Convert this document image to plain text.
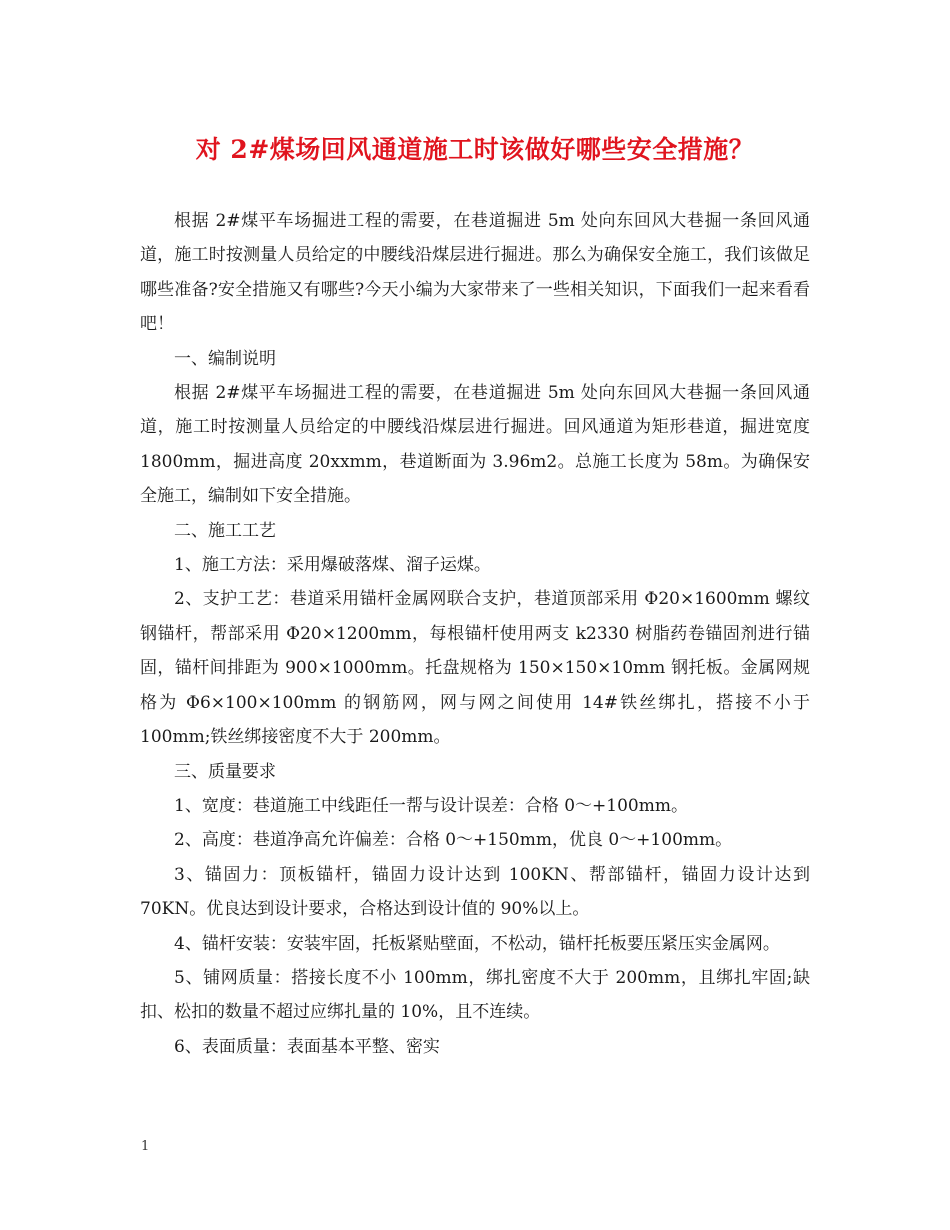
对 2#煤场回风通道施工时该做好哪些安全措施？

根据 2#煤平车场掘进工程的需要，在巷道掘进 5m 处向东回风大巷掘一条回风通道，施工时按测量人员给定的中腰线沿煤层进行掘进。那么为确保安全施工，我们该做足哪些准备?安全措施又有哪些?今天小编为大家带来了一些相关知识，下面我们一起来看看吧！

一、编制说明

根据 2#煤平车场掘进工程的需要，在巷道掘进 5m 处向东回风大巷掘一条回风通道，施工时按测量人员给定的中腰线沿煤层进行掘进。回风通道为矩形巷道，掘进宽度 1800mm，掘进高度 20xxmm，巷道断面为 3.96m2。总施工长度为 58m。为确保安全施工，编制如下安全措施。

二、施工工艺

1、施工方法：采用爆破落煤、溜子运煤。

2、支护工艺：巷道采用锚杆金属网联合支护，巷道顶部采用 Φ20×1600mm 螺纹钢锚杆，帮部采用 Φ20×1200mm，每根锚杆使用两支 k2330 树脂药卷锚固剂进行锚固，锚杆间排距为 900×1000mm。托盘规格为 150×150×10mm 钢托板。金属网规格为 Φ6×100×100mm 的钢筋网，网与网之间使用 14#铁丝绑扎，搭接不小于 100mm;铁丝绑接密度不大于 200mm。

三、质量要求

1、宽度：巷道施工中线距任一帮与设计误差：合格 0～+100mm。

2、高度：巷道净高允许偏差：合格 0～+150mm，优良 0～+100mm。

3、锚固力：顶板锚杆，锚固力设计达到 100KN、帮部锚杆，锚固力设计达到 70KN。优良达到设计要求，合格达到设计值的 90%以上。

4、锚杆安装：安装牢固，托板紧贴壁面，不松动，锚杆托板要压紧压实金属网。

5、铺网质量：搭接长度不小 100mm，绑扎密度不大于 200mm，且绑扎牢固;缺扣、松扣的数量不超过应绑扎量的 10%，且不连续。

6、表面质量：表面基本平整、密实

1
